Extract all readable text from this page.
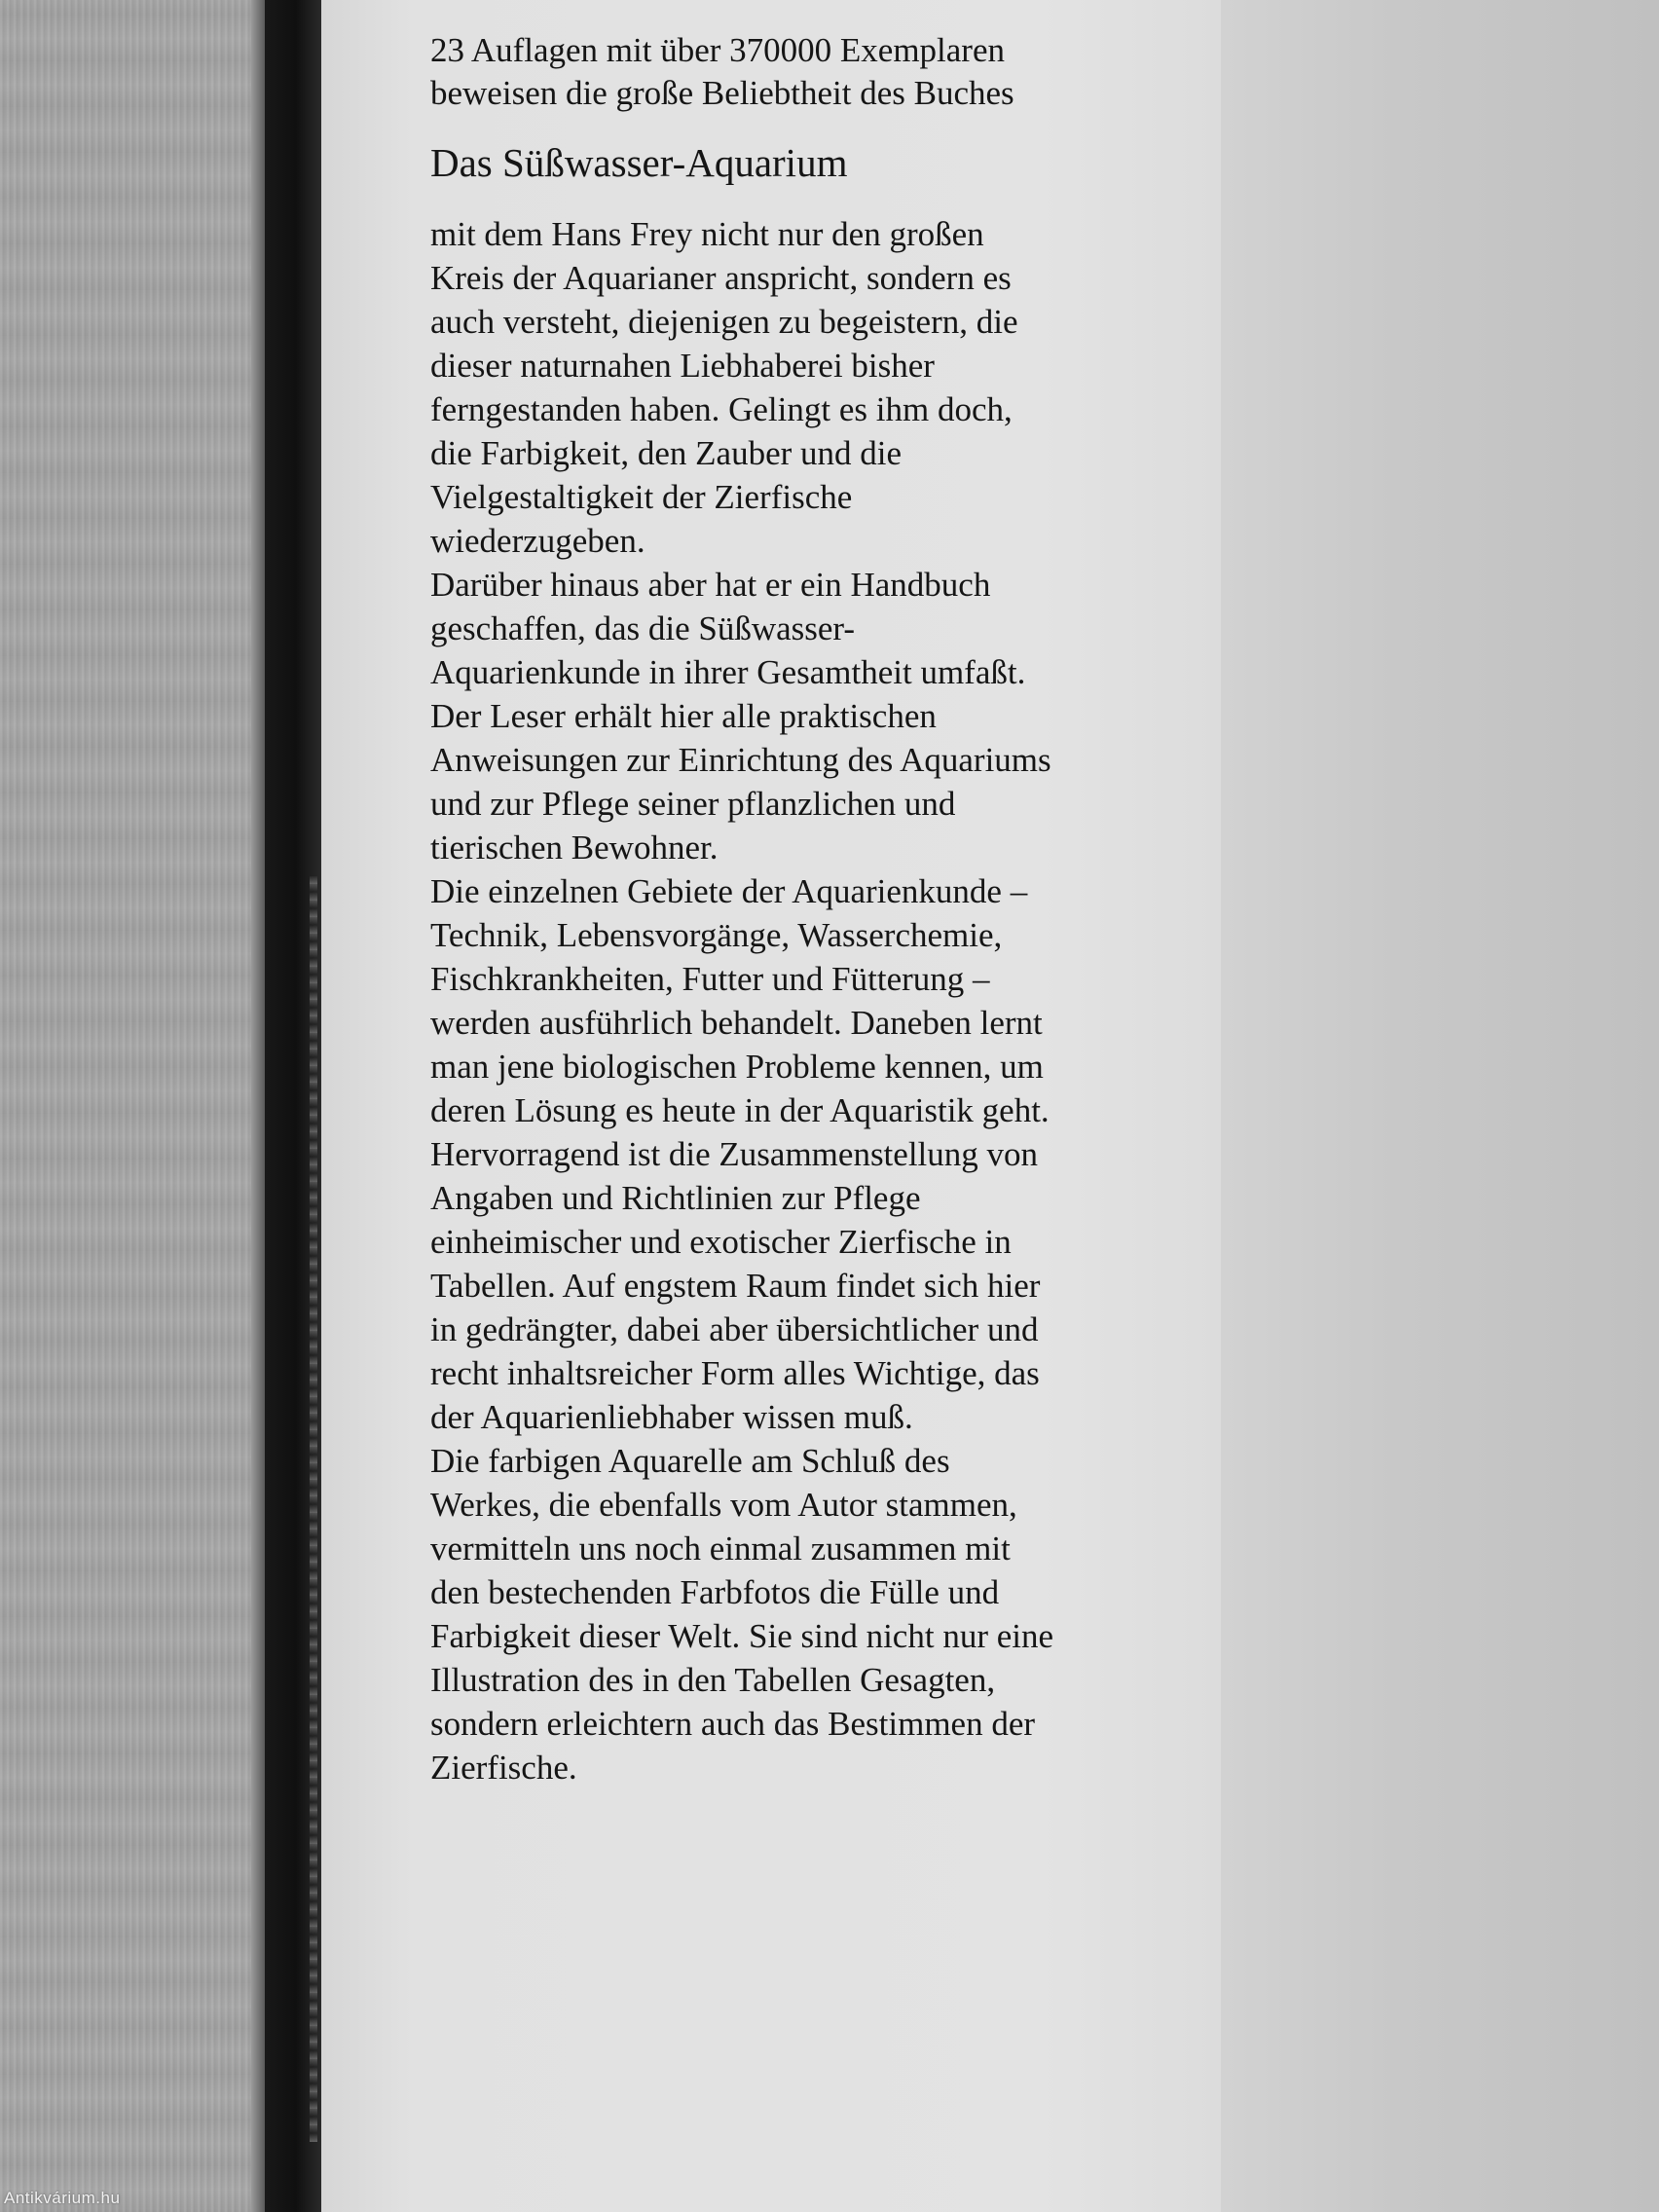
23 Auflagen mit über 370000 Exemplaren beweisen die große Beliebtheit des Buches

Das Süßwasser-Aquarium

mit dem Hans Frey nicht nur den großen Kreis der Aquarianer anspricht, sondern es auch versteht, diejenigen zu begeistern, die dieser naturnahen Liebhaberei bisher ferngestanden haben. Gelingt es ihm doch, die Farbigkeit, den Zauber und die Vielgestaltigkeit der Zierfische wiederzugeben.

Darüber hinaus aber hat er ein Handbuch geschaffen, das die Süßwasser-Aquarienkunde in ihrer Gesamtheit umfaßt. Der Leser erhält hier alle praktischen Anweisungen zur Einrichtung des Aquariums und zur Pflege seiner pflanzlichen und tierischen Bewohner.

Die einzelnen Gebiete der Aquarienkunde – Technik, Lebensvorgänge, Wasserchemie, Fischkrankheiten, Futter und Fütterung – werden ausführlich behandelt. Daneben lernt man jene biologischen Probleme kennen, um deren Lösung es heute in der Aquaristik geht.

Hervorragend ist die Zusammenstellung von Angaben und Richtlinien zur Pflege einheimischer und exotischer Zierfische in Tabellen. Auf engstem Raum findet sich hier in gedrängter, dabei aber übersichtlicher und recht inhaltsreicher Form alles Wichtige, das der Aquarienliebhaber wissen muß.

Die farbigen Aquarelle am Schluß des Werkes, die ebenfalls vom Autor stammen, vermitteln uns noch einmal zusammen mit den bestechenden Farbfotos die Fülle und Farbigkeit dieser Welt. Sie sind nicht nur eine Illustration des in den Tabellen Gesagten, sondern erleichtern auch das Bestimmen der Zierfische.

Antikvárium.hu
